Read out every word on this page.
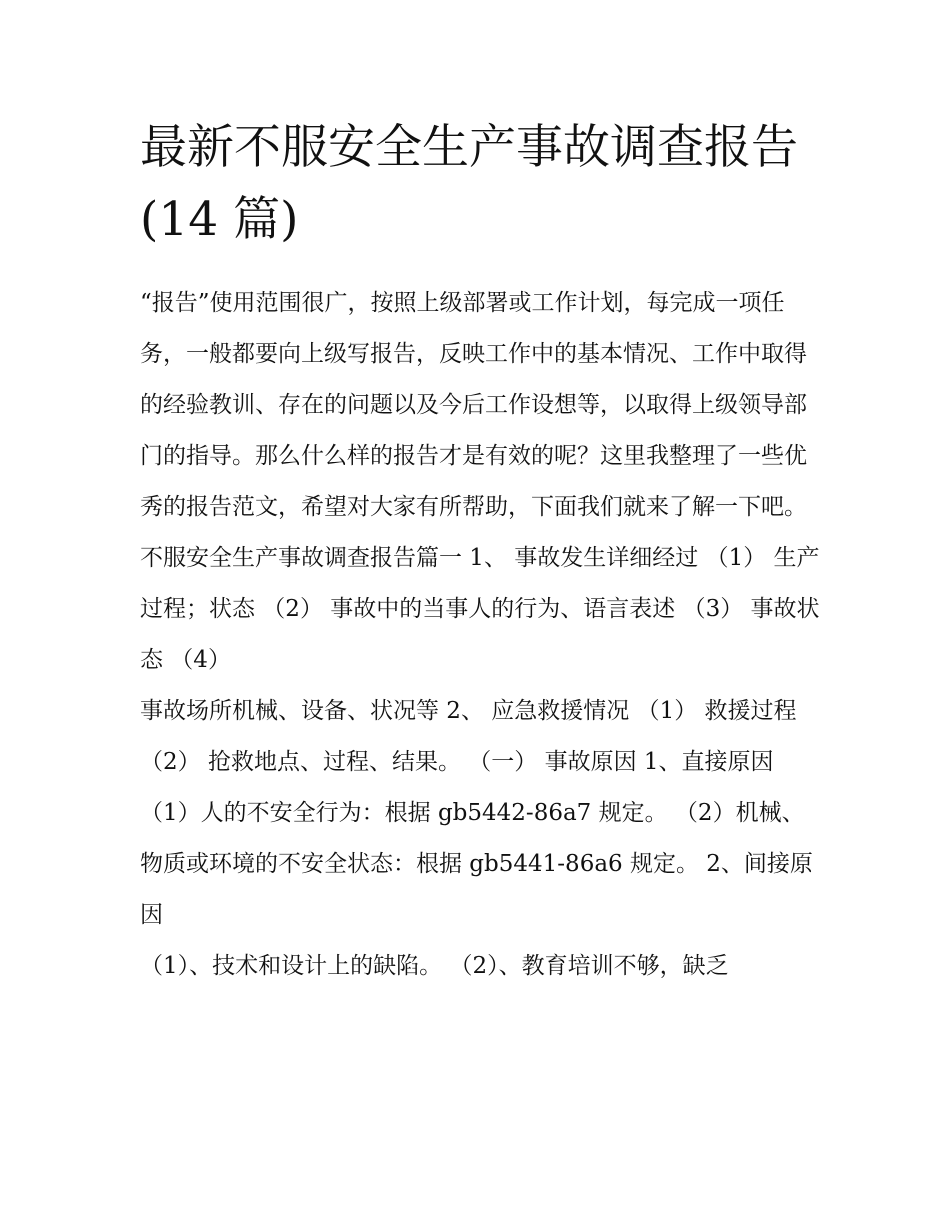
最新不服安全生产事故调查报告(14 篇)

“报告”使用范围很广，按照上级部署或工作计划，每完成一项任务，一般都要向上级写报告，反映工作中的基本情况、工作中取得的经验教训、存在的问题以及今后工作设想等，以取得上级领导部门的指导。那么什么样的报告才是有效的呢？这里我整理了一些优秀的报告范文，希望对大家有所帮助，下面我们就来了解一下吧。

不服安全生产事故调查报告篇一 1、 事故发生详细经过 （1） 生产过程；状态 （2） 事故中的当事人的行为、语言表述 （3） 事故状态 （4）

事故场所机械、设备、状况等 2、 应急救援情况 （1） 救援过程 （2） 抢救地点、过程、结果。 （一） 事故原因 1、直接原因

（1）人的不安全行为：根据 gb5442-86a7 规定。 （2）机械、物质或环境的不安全状态：根据 gb5441-86a6 规定。 2、间接原因

（1）、技术和设计上的缺陷。 （2）、教育培训不够，缺乏
